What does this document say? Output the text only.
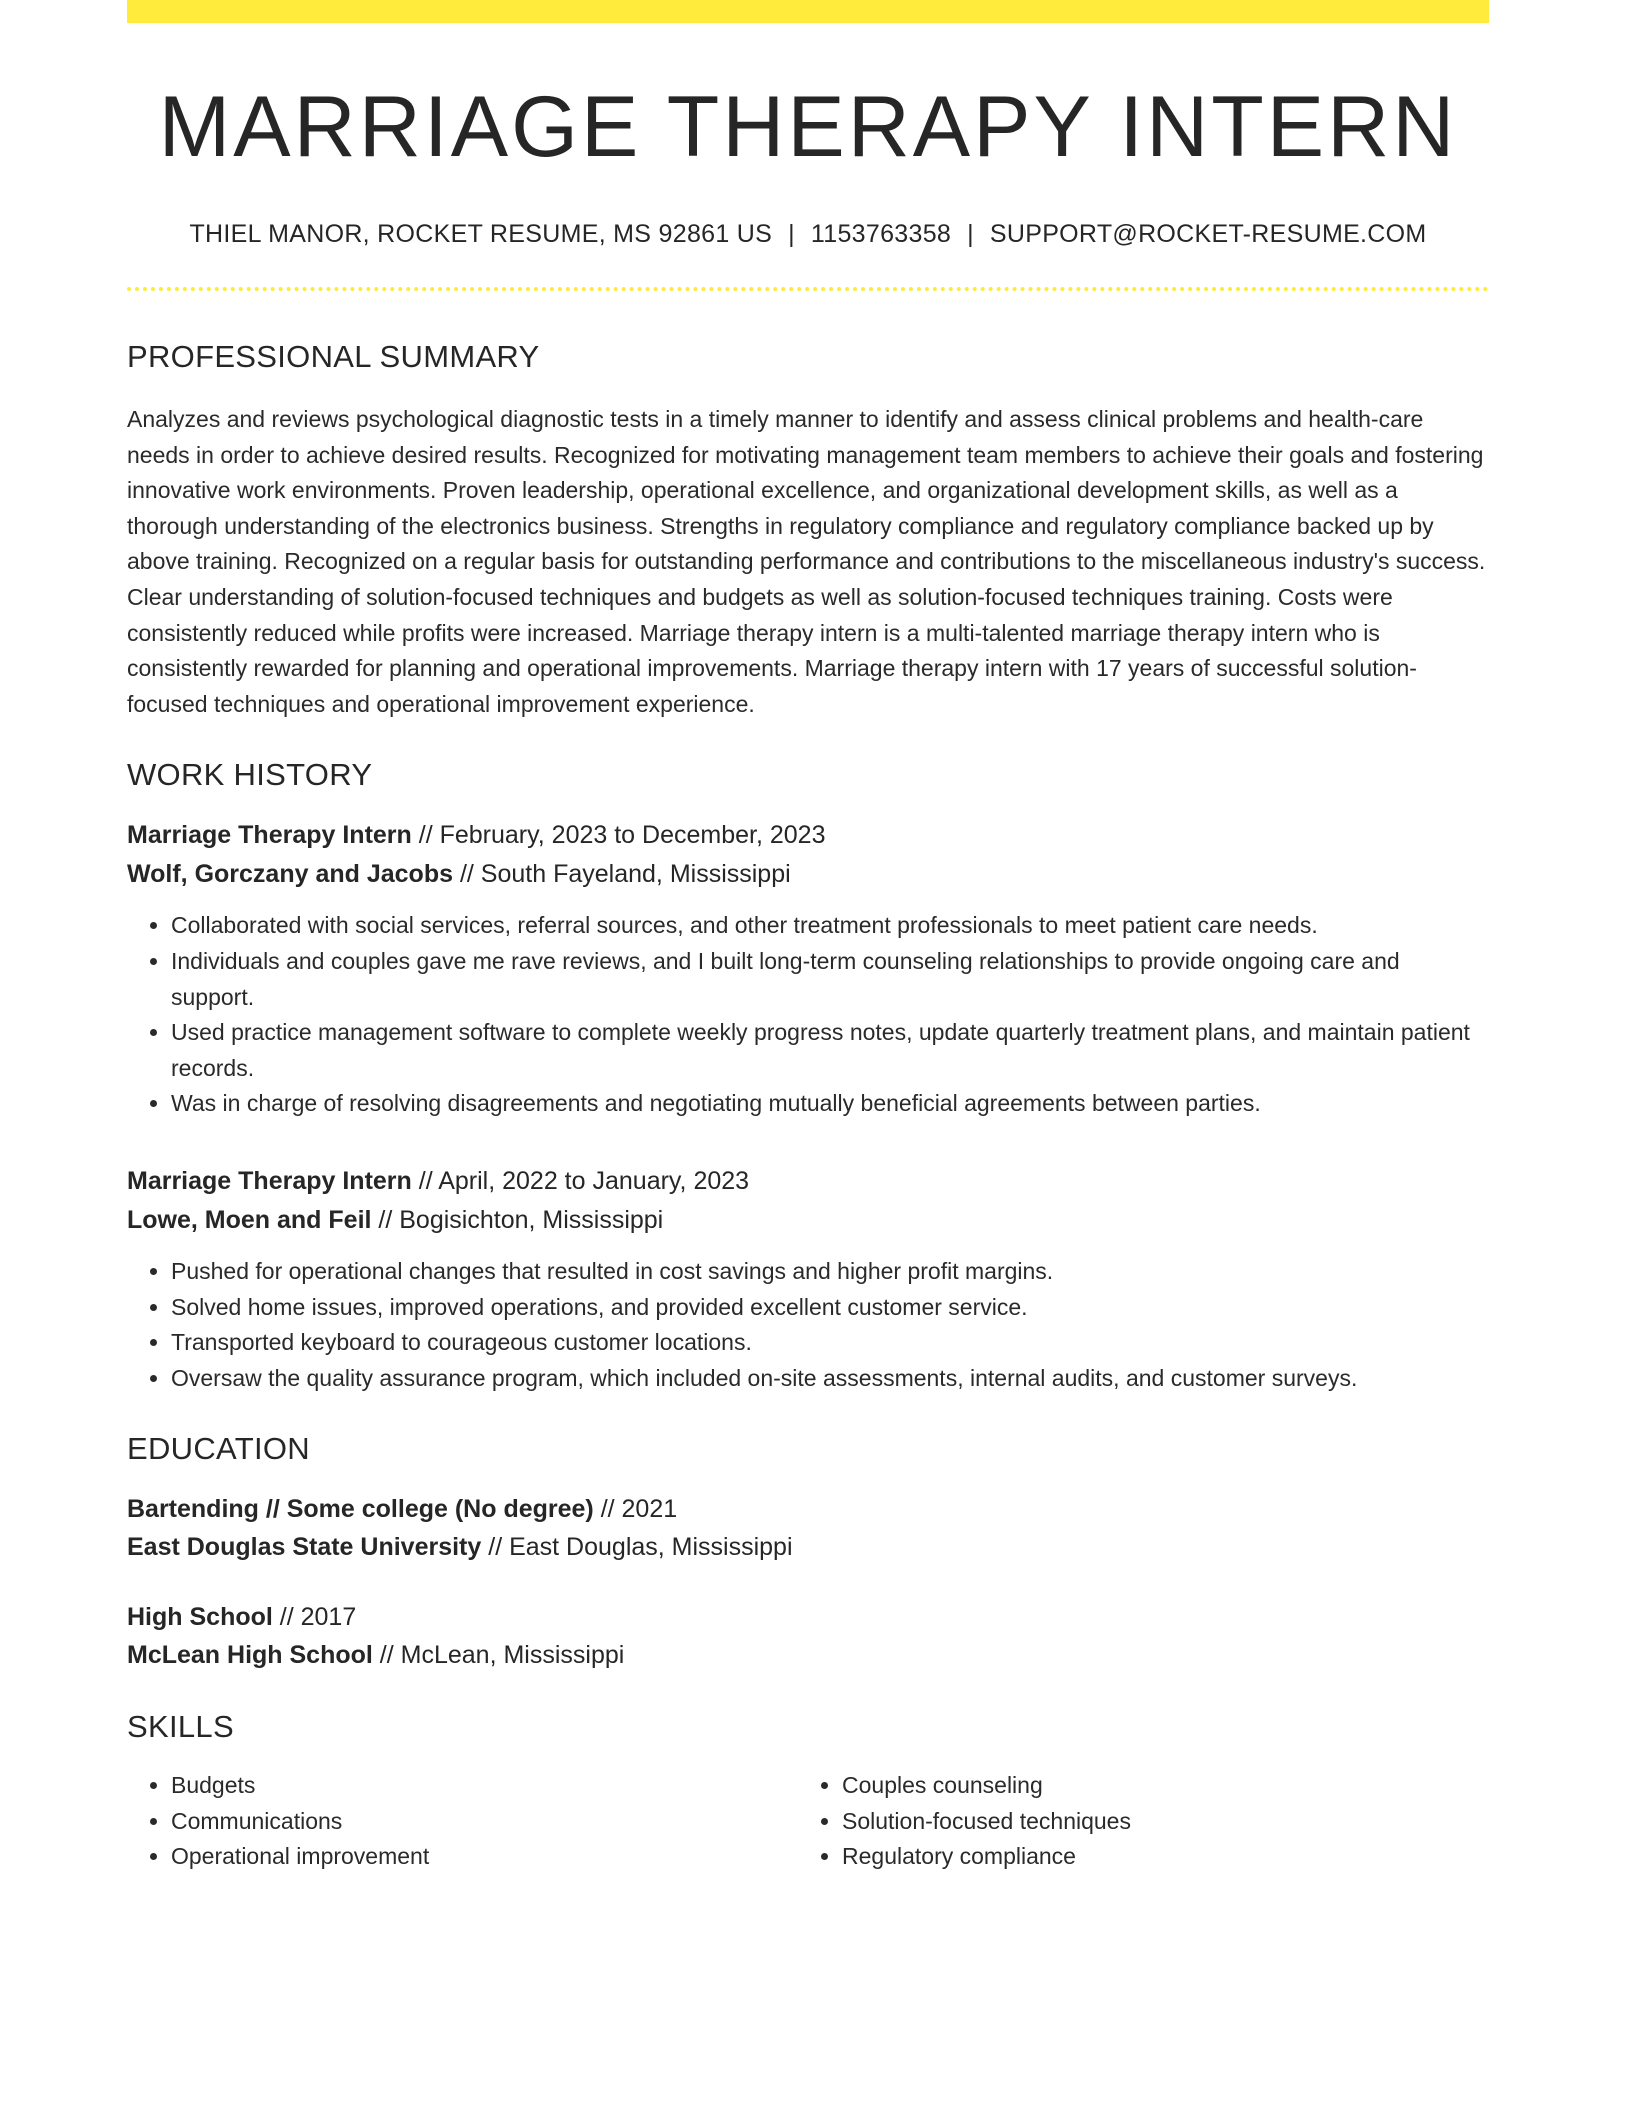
MARRIAGE THERAPY INTERN
THIEL MANOR, ROCKET RESUME, MS 92861 US | 1153763358 | SUPPORT@ROCKET-RESUME.COM
PROFESSIONAL SUMMARY

Analyzes and reviews psychological diagnostic tests in a timely manner to identify and assess clinical problems and health-care needs in order to achieve desired results. Recognized for motivating management team members to achieve their goals and fostering innovative work environments. Proven leadership, operational excellence, and organizational development skills, as well as a thorough understanding of the electronics business. Strengths in regulatory compliance and regulatory compliance backed up by above training. Recognized on a regular basis for outstanding performance and contributions to the miscellaneous industry's success. Clear understanding of solution-focused techniques and budgets as well as solution-focused techniques training. Costs were consistently reduced while profits were increased. Marriage therapy intern is a multi-talented marriage therapy intern who is consistently rewarded for planning and operational improvements. Marriage therapy intern with 17 years of successful solution-focused techniques and operational improvement experience.

WORK HISTORY
Marriage Therapy Intern // February, 2023 to December, 2023
Wolf, Gorczany and Jacobs // South Fayeland, Mississippi
• Collaborated with social services, referral sources, and other treatment professionals to meet patient care needs.
• Individuals and couples gave me rave reviews, and I built long-term counseling relationships to provide ongoing care and support.
• Used practice management software to complete weekly progress notes, update quarterly treatment plans, and maintain patient records.
• Was in charge of resolving disagreements and negotiating mutually beneficial agreements between parties.
Marriage Therapy Intern // April, 2022 to January, 2023
Lowe, Moen and Feil // Bogisichton, Mississippi
• Pushed for operational changes that resulted in cost savings and higher profit margins.
• Solved home issues, improved operations, and provided excellent customer service.
• Transported keyboard to courageous customer locations.
• Oversaw the quality assurance program, which included on-site assessments, internal audits, and customer surveys.
EDUCATION
Bartending // Some college (No degree) // 2021
East Douglas State University // East Douglas, Mississippi
High School // 2017
McLean High School // McLean, Mississippi
SKILLS
• Budgets
• Communications
• Operational improvement
• Couples counseling
• Solution-focused techniques
• Regulatory compliance
